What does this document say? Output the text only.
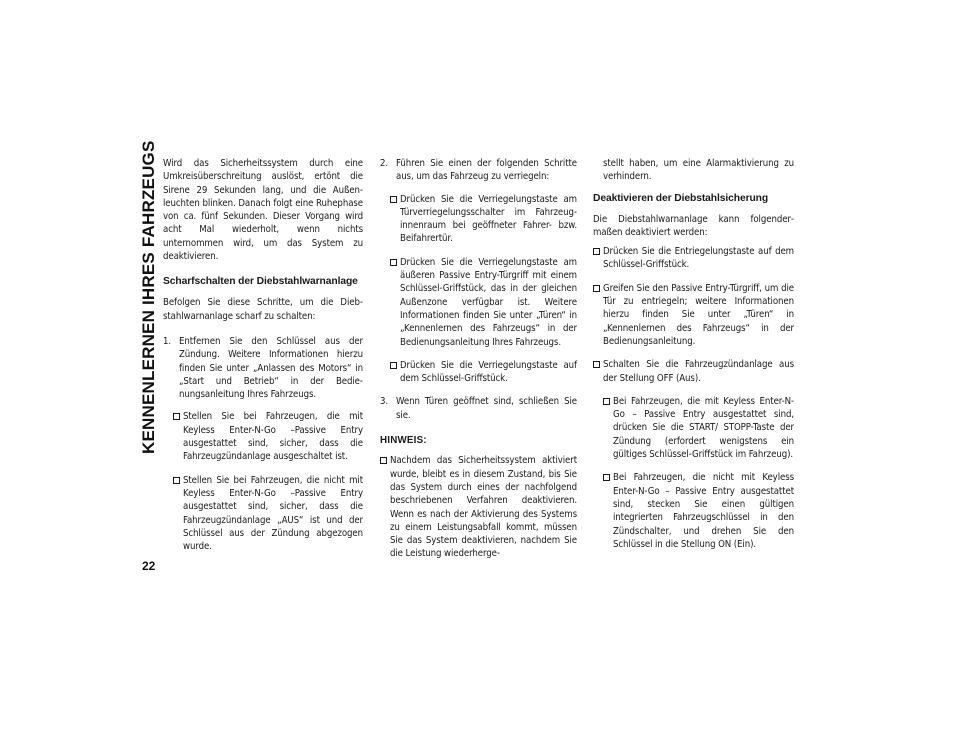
KENNENLERNEN IHRES FAHRZEUGS
22

Wird das Sicherheitssystem durch eine Umkreisüberschreitung auslöst, ertönt die Sirene 29 Sekunden lang, und die Außenleuchten blinken. Danach folgt eine Ruhephase von ca. fünf Sekunden. Dieser Vorgang wird acht Mal wiederholt, wenn nichts unternommen wird, um das System zu deaktivieren.

Scharfschalten der Diebstahlwarnanlage

Befolgen Sie diese Schritte, um die Diebstahlwarnanlage scharf zu schalten:

1. Entfernen Sie den Schlüssel aus der Zündung. Weitere Informationen hierzu finden Sie unter „Anlassen des Motors“ in „Start und Betrieb“ in der Bedienungsanleitung Ihres Fahrzeugs.
Stellen Sie bei Fahrzeugen, die mit Keyless Enter-N-Go –Passive Entry ausgestattet sind, sicher, dass die Fahrzeugzündanlage ausgeschaltet ist.
Stellen Sie bei Fahrzeugen, die nicht mit Keyless Enter-N-Go –Passive Entry ausgestattet sind, sicher, dass die Fahrzeugzündanlage „AUS“ ist und der Schlüssel aus der Zündung abgezogen wurde.
2. Führen Sie einen der folgenden Schritte aus, um das Fahrzeug zu verriegeln:
Drücken Sie die Verriegelungstaste am Türverriegelungsschalter im Fahrzeuginnenraum bei geöffneter Fahrer- bzw. Beifahrertür.
Drücken Sie die Verriegelungstaste am äußeren Passive Entry-Türgriff mit einem Schlüssel-Griffstück, das in der gleichen Außenzone verfügbar ist. Weitere Informationen finden Sie unter „Türen“ in „Kennenlernen des Fahrzeugs“ in der Bedienungsanleitung Ihres Fahrzeugs.
Drücken Sie die Verriegelungstaste auf dem Schlüssel-Griffstück.
3. Wenn Türen geöffnet sind, schließen Sie sie.
HINWEIS:
Nachdem das Sicherheitssystem aktiviert wurde, bleibt es in diesem Zustand, bis Sie das System durch eines der nachfolgend beschriebenen Verfahren deaktivieren. Wenn es nach der Aktivierung des Systems zu einem Leistungsabfall kommt, müssen Sie das System deaktivieren, nachdem Sie die Leistung wiederherge-

stellt haben, um eine Alarmaktivierung zu verhindern.

Deaktivieren der Diebstahlsicherung

Die Diebstahlwarnanlage kann folgendermaßen deaktiviert werden:

Drücken Sie die Entriegelungstaste auf dem Schlüssel-Griffstück.
Greifen Sie den Passive Entry-Türgriff, um die Tür zu entriegeln; weitere Informationen hierzu finden Sie unter „Türen“ in „Kennenlernen des Fahrzeugs“ in der Bedienungsanleitung.
Schalten Sie die Fahrzeugzündanlage aus der Stellung OFF (Aus).
Bei Fahrzeugen, die mit Keyless Enter-N-Go – Passive Entry ausgestattet sind, drücken Sie die START/ STOPP-Taste der Zündung (erfordert wenigstens ein gültiges Schlüssel-Griffstück im Fahrzeug).
Bei Fahrzeugen, die nicht mit Keyless Enter-N-Go – Passive Entry ausgestattet sind, stecken Sie einen gültigen integrierten Fahrzeugschlüssel in den Zündschalter, und drehen Sie den Schlüssel in die Stellung ON (Ein).
